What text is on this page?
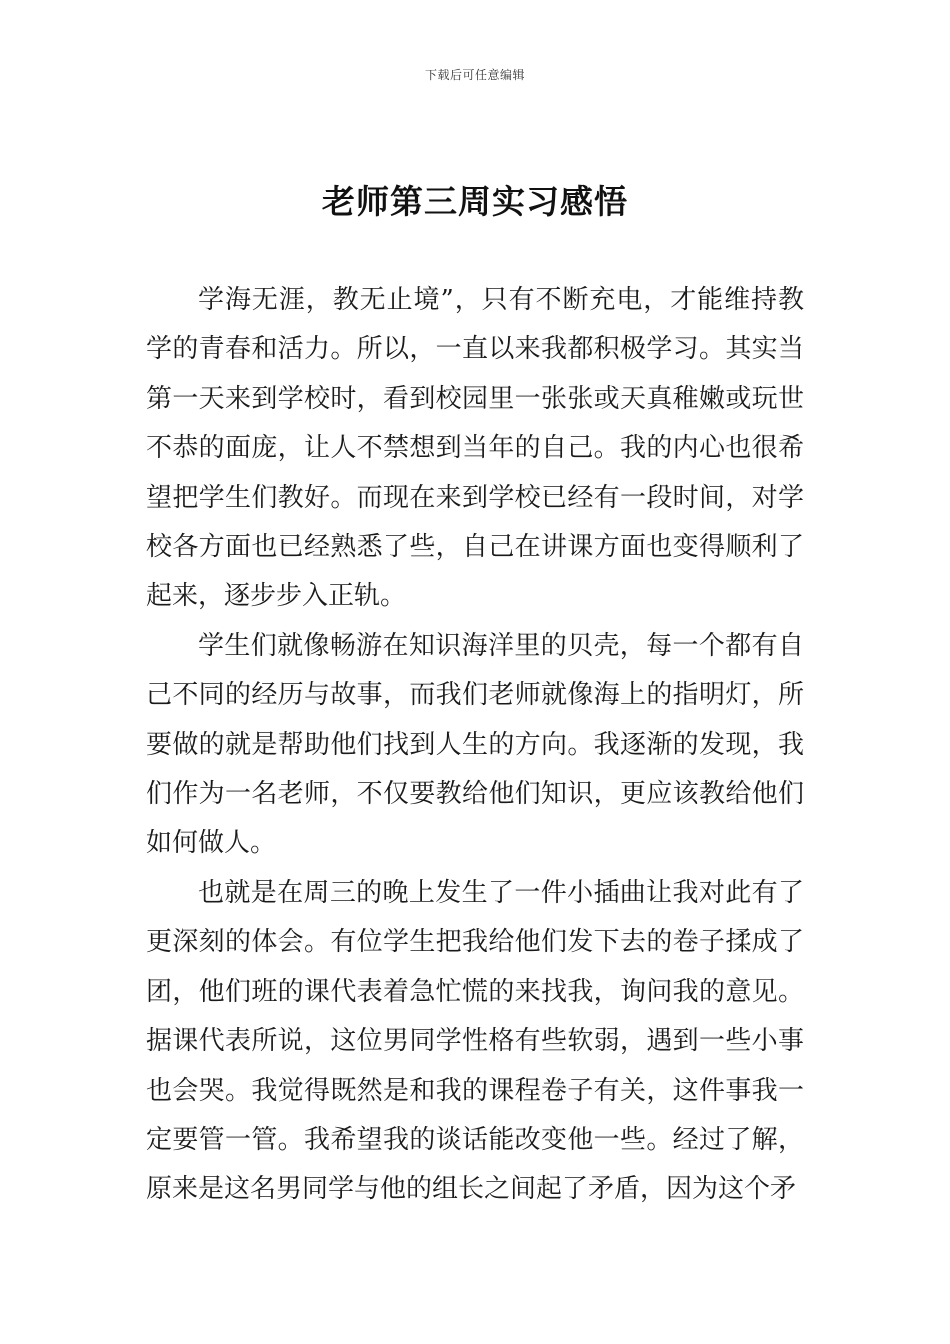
下载后可任意编辑
老师第三周实习感悟

学海无涯，教无止境”，只有不断充电，才能维持教学的青春和活力。所以，一直以来我都积极学习。其实当第一天来到学校时，看到校园里一张张或天真稚嫩或玩世不恭的面庞，让人不禁想到当年的自己。我的内心也很希望把学生们教好。而现在来到学校已经有一段时间，对学校各方面也已经熟悉了些，自己在讲课方面也变得顺利了起来，逐步步入正轨。

学生们就像畅游在知识海洋里的贝壳，每一个都有自己不同的经历与故事，而我们老师就像海上的指明灯，所要做的就是帮助他们找到人生的方向。我逐渐的发现，我们作为一名老师，不仅要教给他们知识，更应该教给他们如何做人。

也就是在周三的晚上发生了一件小插曲让我对此有了更深刻的体会。有位学生把我给他们发下去的卷子揉成了团，他们班的课代表着急忙慌的来找我，询问我的意见。据课代表所说，这位男同学性格有些软弱，遇到一些小事也会哭。我觉得既然是和我的课程卷子有关，这件事我一定要管一管。我希望我的谈话能改变他一些。经过了解，原来是这名男同学与他的组长之间起了矛盾，因为这个矛
